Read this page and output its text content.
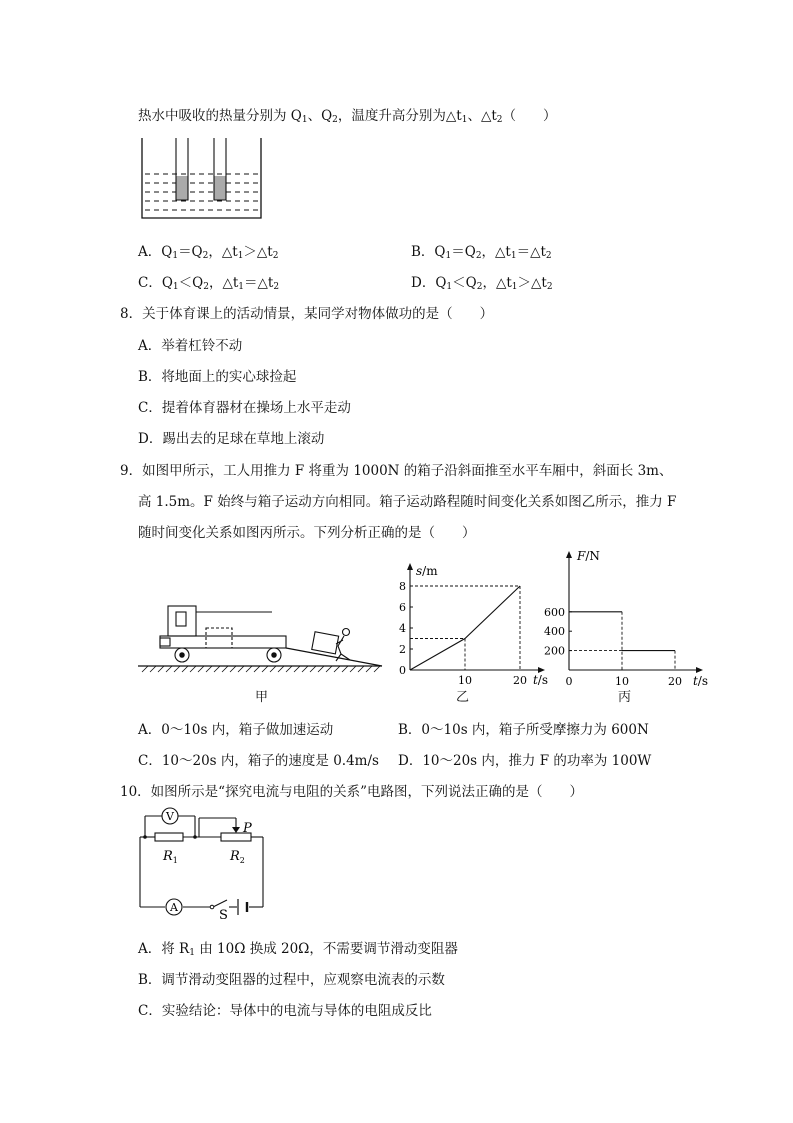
热水中吸收的热量分别为 $Q_1$、$Q_2$，温度升高分别为$\triangle t_1$、$\triangle t_2$（　　）
A．$Q_1=Q_2$，$\triangle t_1>\triangle t_2$	B．$Q_1=Q_2$，$\triangle t_1=\triangle t_2$
C．$Q_1<Q_2$，$\triangle t_1=\triangle t_2$	D．$Q_1<Q_2$，$\triangle t_1>\triangle t_2$
8．关于体育课上的活动情景，某同学对物体做功的是（　　）
A．举着杠铃不动
B．将地面上的实心球捡起
C．提着体育器材在操场上水平走动
D．踢出去的足球在草地上滚动
9．如图甲所示，工人用推力 F 将重为 1000N 的箱子沿斜面推至水平车厢中，斜面长 3m、
高 1.5m。F 始终与箱子运动方向相同。箱子运动路程随时间变化关系如图乙所示，推力 F
随时间变化关系如图丙所示。下列分析正确的是（　　）
甲
0
2
4
6
8
10	20
s/m
t/s
乙
200
400
600
0	10	20
F/N
t/s
丙
A．0～10s 内，箱子做加速运动	B．0～10s 内，箱子所受摩擦力为 600N
C．10～20s 内，箱子的速度是 0.4m/s D．10～20s 内，推力 F 的功率为 100W
10．如图所示是“探究电流与电阻的关系”电路图，下列说法正确的是（　　）
V
A
P
$R_1$	$R_2$
S
A．将 $R_1$ 由 10Ω 换成 20Ω，不需要调节滑动变阻器
B．调节滑动变阻器的过程中，应观察电流表的示数
C．实验结论：导体中的电流与导体的电阻成反比
